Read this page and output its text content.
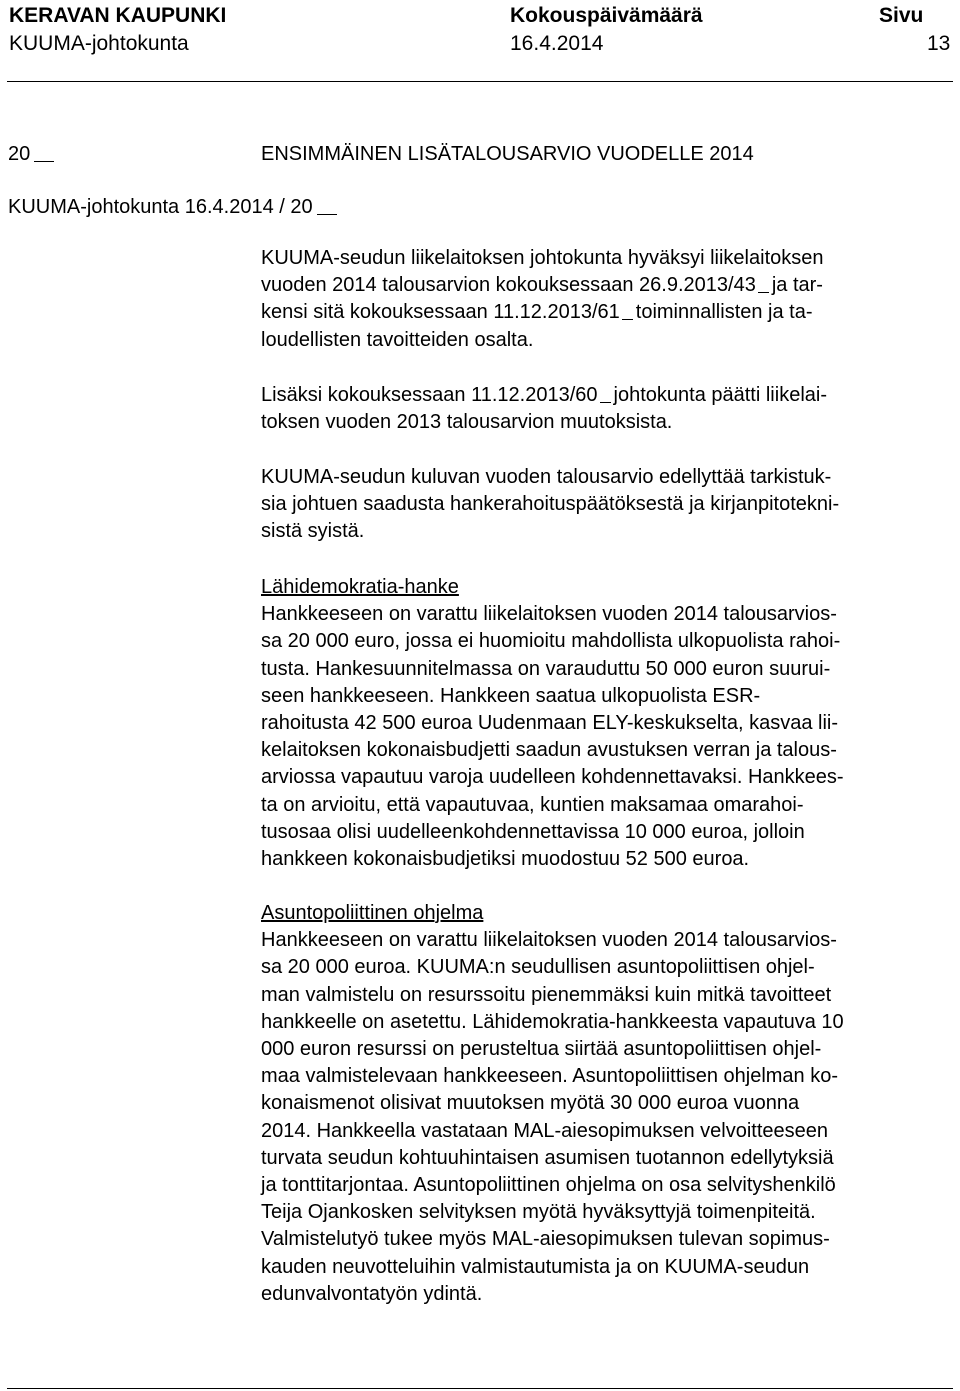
KERAVAN KAUPUNKI
KUUMA-johtokunta
Kokouspäivämäärä
16.4.2014
Sivu
13
20	ENSIMMÄINEN LISÄTALOUSARVIO VUODELLE 2014
KUUMA-johtokunta 16.4.2014 / 20
KUUMA-seudun liikelaitoksen johtokunta hyväksyi liikelaitoksen
vuoden 2014 talousarvion kokouksessaan 26.9.2013/43 ja tar-
kensi sitä kokouksessaan 11.12.2013/61 toiminnallisten ja ta-
loudellisten tavoitteiden osalta.
Lisäksi kokouksessaan 11.12.2013/60 johtokunta päätti liikelai-
toksen vuoden 2013 talousarvion muutoksista.
KUUMA-seudun kuluvan vuoden talousarvio edellyttää tarkistuk-
sia johtuen saadusta hankerahoituspäätöksestä ja kirjanpitotekni-
sistä syistä.
Lähidemokratia-hanke
Hankkeeseen on varattu liikelaitoksen vuoden 2014 talousarvios-
sa 20 000 euro, jossa ei huomioitu mahdollista ulkopuolista rahoi-
tusta. Hankesuunnitelmassa on varauduttu 50 000 euron suurui-
seen hankkeeseen. Hankkeen saatua ulkopuolista ESR-
rahoitusta 42 500 euroa Uudenmaan ELY-keskukselta, kasvaa lii-
kelaitoksen kokonaisbudjetti saadun avustuksen verran ja talous-
arviossa vapautuu varoja uudelleen kohdennettavaksi. Hankkees-
ta on arvioitu, että vapautuvaa, kuntien maksamaa omarahoi-
tusosaa olisi uudelleenkohdennettavissa 10 000 euroa, jolloin
hankkeen kokonaisbudjetiksi muodostuu 52 500 euroa.
Asuntopoliittinen ohjelma
Hankkeeseen on varattu liikelaitoksen vuoden 2014 talousarvios-
sa 20 000 euroa. KUUMA:n seudullisen asuntopoliittisen ohjel-
man valmistelu on resurssoitu pienemmäksi kuin mitkä tavoitteet
hankkeelle on asetettu. Lähidemokratia-hankkeesta vapautuva 10
000 euron resurssi on perusteltua siirtää asuntopoliittisen ohjel-
maa valmistelevaan hankkeeseen. Asuntopoliittisen ohjelman ko-
konaismenot olisivat muutoksen myötä 30 000 euroa vuonna
2014. Hankkeella vastataan MAL-aiesopimuksen velvoitteeseen
turvata seudun kohtuuhintaisen asumisen tuotannon edellytyksiä
ja tonttitarjontaa. Asuntopoliittinen ohjelma on osa selvityshenkilö
Teija Ojankosken selvityksen myötä hyväksyttyjä toimenpiteitä.
Valmistelutyö tukee myös MAL-aiesopimuksen tulevan sopimus-
kauden neuvotteluihin valmistautumista ja on KUUMA-seudun
edunvalvontatyön ydintä.
